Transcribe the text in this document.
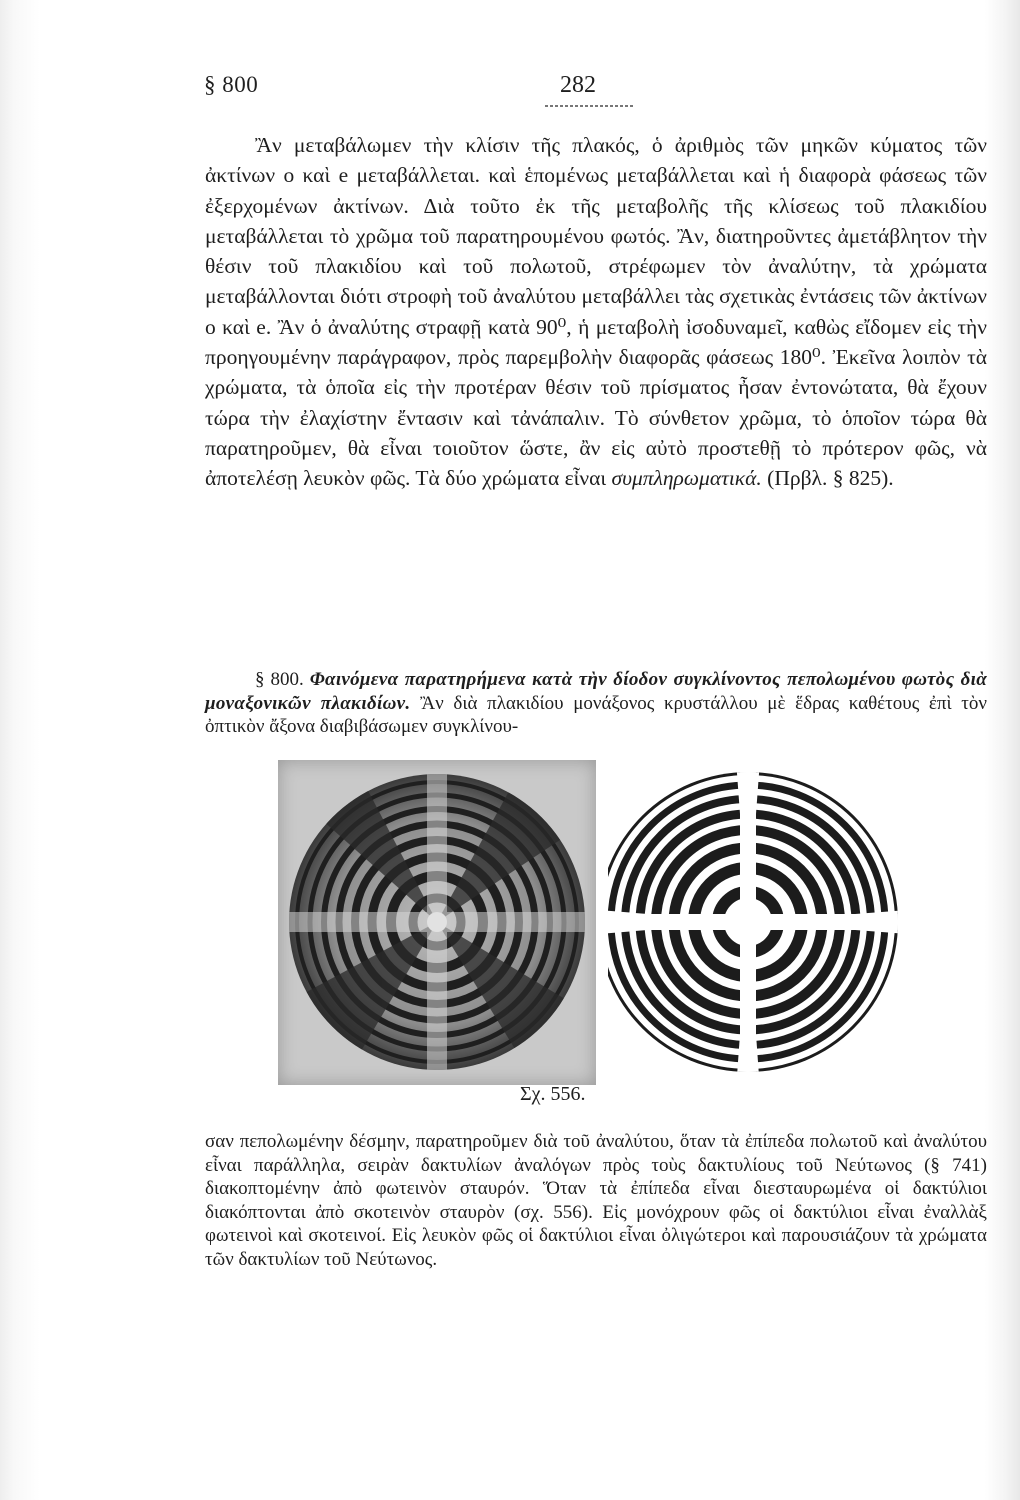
§ 800	282

Ἂν μεταβάλωμεν τὴν κλίσιν τῆς πλακός, ὁ ἀριθμὸς τῶν μηκῶν κύματος τῶν ἀκτίνων o καὶ e μεταβάλλεται. καὶ ἑπομένως μεταβάλλεται καὶ ἡ διαφορὰ φάσεως τῶν ἐξερχομένων ἀκτίνων. Διὰ τοῦτο ἐκ τῆς μεταβολῆς τῆς κλίσεως τοῦ πλακιδίου μεταβάλλεται τὸ χρῶμα τοῦ παρατηρουμένου φωτός. Ἂν, διατηροῦντες ἀμετάβλητον τὴν θέσιν τοῦ πλακιδίου καὶ τοῦ πολωτοῦ, στρέφωμεν τὸν ἀναλύτην, τὰ χρώματα μεταβάλλονται διότι στροφὴ τοῦ ἀναλύτου μεταβάλλει τὰς σχετικὰς ἐντάσεις τῶν ἀκτίνων o καὶ e. Ἂν ὁ ἀναλύτης στραφῇ κατὰ 90⁰, ἡ μεταβολὴ ἰσοδυναμεῖ, καθὼς εἴδομεν εἰς τὴν προηγουμένην παράγραφον, πρὸς παρεμβολὴν διαφορᾶς φάσεως 180⁰. Ἐκεῖνα λοιπὸν τὰ χρώματα, τὰ ὁποῖα εἰς τὴν προτέραν θέσιν τοῦ πρίσματος ἦσαν ἐντονώτατα, θὰ ἔχουν τώρα τὴν ἐλαχίστην ἔντασιν καὶ τἀνάπαλιν. Τὸ σύνθετον χρῶμα, τὸ ὁποῖον τώρα θὰ παρατηροῦμεν, θὰ εἶναι τοιοῦτον ὥστε, ἂν εἰς αὐτὸ προστεθῇ τὸ πρότερον φῶς, νὰ ἀποτελέσῃ λευκὸν φῶς. Τὰ δύο χρώματα εἶναι συμπληρωματικά. (Πρβλ. § 825).

§ 800. Φαινόμενα παρατηρήμενα κατὰ τὴν δίοδον συγκλίνοντος πεπολωμένου φωτὸς διὰ μοναξονικῶν πλακιδίων. Ἂν διὰ πλακιδίου μονάξονος κρυστάλλου μὲ ἕδρας καθέτους ἐπὶ τὸν ὀπτικὸν ἄξονα διαβιβάσωμεν συγκλίνου-

Σχ. 556.

σαν πεπολωμένην δέσμην, παρατηροῦμεν διὰ τοῦ ἀναλύτου, ὅταν τὰ ἐπίπεδα πολωτοῦ καὶ ἀναλύτου εἶναι παράλληλα, σειρὰν δακτυλίων ἀναλόγων πρὸς τοὺς δακτυλίους τοῦ Νεύτωνος (§ 741) διακοπτομένην ἀπὸ φωτεινὸν σταυρόν. Ὅταν τὰ ἐπίπεδα εἶναι διεσταυρωμένα οἱ δακτύλιοι διακόπτονται ἀπὸ σκοτεινὸν σταυρὸν (σχ. 556). Εἰς μονόχρουν φῶς οἱ δακτύλιοι εἶναι ἐναλλὰξ φωτεινοὶ καὶ σκοτεινοί. Εἰς λευκὸν φῶς οἱ δακτύλιοι εἶναι ὀλιγώτεροι καὶ παρουσιάζουν τὰ χρώματα τῶν δακτυλίων τοῦ Νεύτωνος.
